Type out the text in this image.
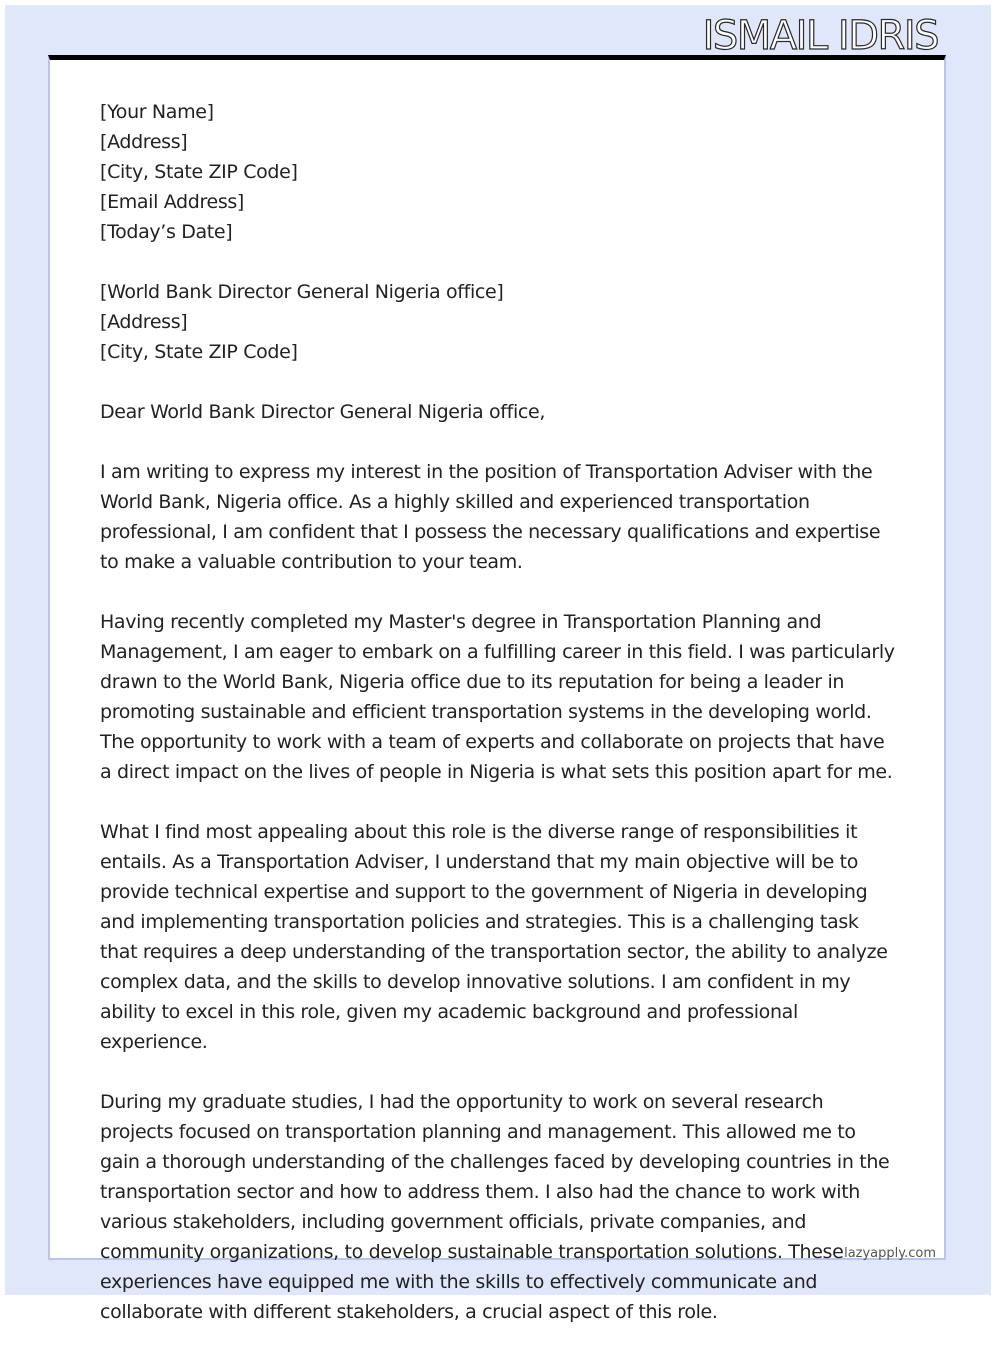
ISMAIL IDRIS

[Your Name]
[Address]
[City, State ZIP Code]
[Email Address]
[Today’s Date]

[World Bank Director General Nigeria office]
[Address]
[City, State ZIP Code]

Dear World Bank Director General Nigeria office,

I am writing to express my interest in the position of Transportation Adviser with the World Bank, Nigeria office. As a highly skilled and experienced transportation professional, I am confident that I possess the necessary qualifications and expertise to make a valuable contribution to your team.

Having recently completed my Master's degree in Transportation Planning and Management, I am eager to embark on a fulfilling career in this field. I was particularly drawn to the World Bank, Nigeria office due to its reputation for being a leader in promoting sustainable and efficient transportation systems in the developing world. The opportunity to work with a team of experts and collaborate on projects that have a direct impact on the lives of people in Nigeria is what sets this position apart for me.

What I find most appealing about this role is the diverse range of responsibilities it entails. As a Transportation Adviser, I understand that my main objective will be to provide technical expertise and support to the government of Nigeria in developing and implementing transportation policies and strategies. This is a challenging task that requires a deep understanding of the transportation sector, the ability to analyze complex data, and the skills to develop innovative solutions. I am confident in my ability to excel in this role, given my academic background and professional experience.

During my graduate studies, I had the opportunity to work on several research projects focused on transportation planning and management. This allowed me to gain a thorough understanding of the challenges faced by developing countries in the transportation sector and how to address them. I also had the chance to work with various stakeholders, including government officials, private companies, and community organizations, to develop sustainable transportation solutions. These experiences have equipped me with the skills to effectively communicate and collaborate with different stakeholders, a crucial aspect of this role.

lazyapply.com
